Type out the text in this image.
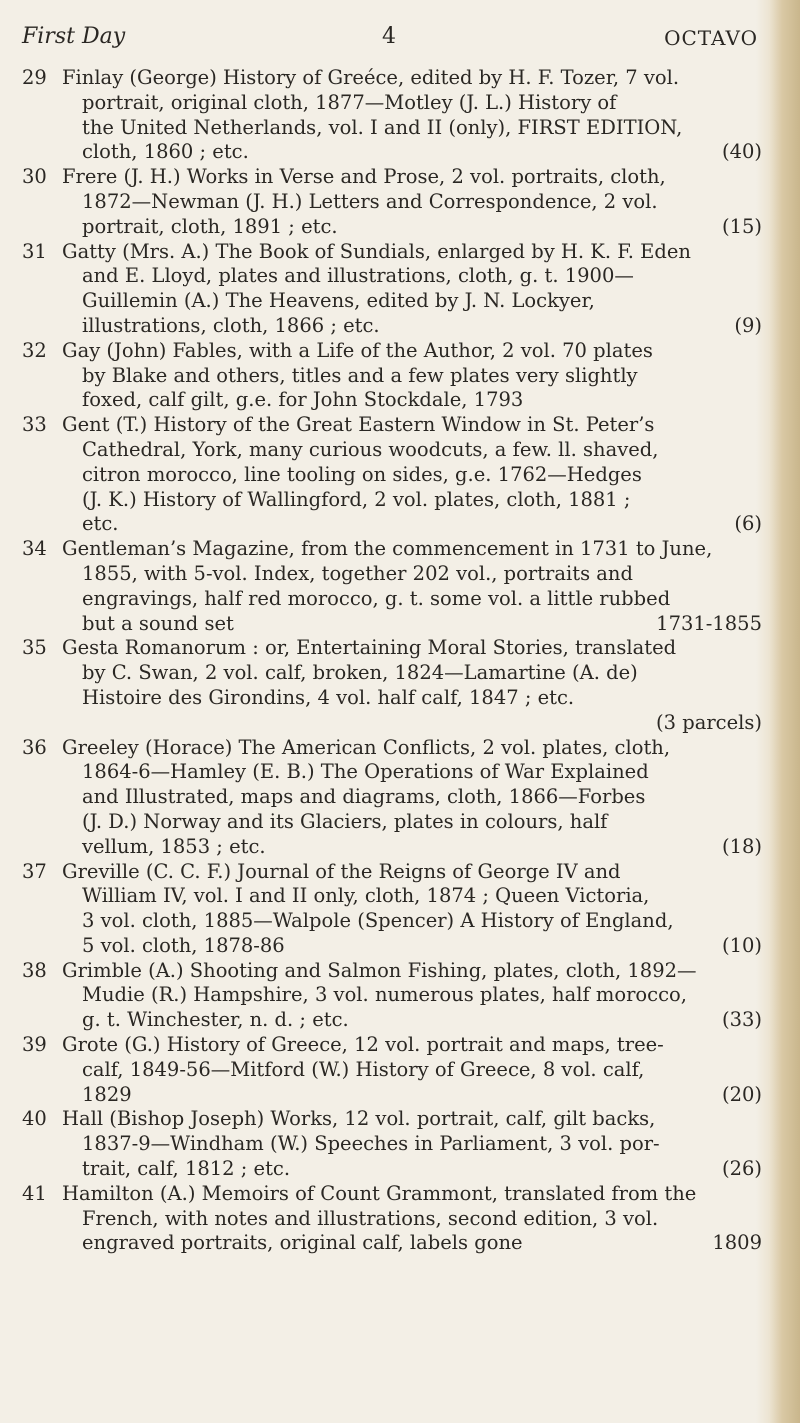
First Day	4	OCTAVO
29 Finlay (George) History of Greéce, edited by H. F. Tozer, 7 vol.
portrait, original cloth, 1877—Motley (J. L.) History of
the United Netherlands, vol. I and II (only), FIRST EDITION,
(40)
cloth, 1860 ; etc.
30 Frere (J. H.) Works in Verse and Prose, 2 vol. portraits, cloth,
1872—Newman (J. H.) Letters and Correspondence, 2 vol.
(15)
portrait, cloth, 1891 ; etc.
31 Gatty (Mrs. A.) The Book of Sundials, enlarged by H. K. F. Eden
and E. Lloyd, plates and illustrations, cloth, g. t. 1900—
Guillemin (A.) The Heavens, edited by J. N. Lockyer,
(9)
illustrations, cloth, 1866 ; etc.
32 Gay (John) Fables, with a Life of the Author, 2 vol. 70 plates
by Blake and others, titles and a few plates very slightly
foxed, calf gilt, g.e. for John Stockdale, 1793
33 Gent (T.) History of the Great Eastern Window in St. Peter’s
Cathedral, York, many curious woodcuts, a few. ll. shaved,
citron morocco, line tooling on sides, g.e. 1762—Hedges
(J. K.) History of Wallingford, 2 vol. plates, cloth, 1881 ;
(6)
etc.
34 Gentleman’s Magazine, from the commencement in 1731 to June,
1855, with 5-vol. Index, together 202 vol., portraits and
engravings, half red morocco, g. t. some vol. a little rubbed
1731-1855
but a sound set
35 Gesta Romanorum : or, Entertaining Moral Stories, translated
by C. Swan, 2 vol. calf, broken, 1824—Lamartine (A. de)
Histoire des Girondins, 4 vol. half calf, 1847 ; etc.
(3 parcels)

36 Greeley (Horace) The American Conflicts, 2 vol. plates, cloth,
1864-6—Hamley (E. B.) The Operations of War Explained
and Illustrated, maps and diagrams, cloth, 1866—Forbes
(J. D.) Norway and its Glaciers, plates in colours, half
(18)
vellum, 1853 ; etc.
37 Greville (C. C. F.) Journal of the Reigns of George IV and
William IV, vol. I and II only, cloth, 1874 ; Queen Victoria,
3 vol. cloth, 1885—Walpole (Spencer) A History of England,
(10)
5 vol. cloth, 1878-86
38 Grimble (A.) Shooting and Salmon Fishing, plates, cloth, 1892—
Mudie (R.) Hampshire, 3 vol. numerous plates, half morocco,
(33)
g. t. Winchester, n. d. ; etc.
39 Grote (G.) History of Greece, 12 vol. portrait and maps, tree-
calf, 1849-56—Mitford (W.) History of Greece, 8 vol. calf,
(20)
1829
40 Hall (Bishop Joseph) Works, 12 vol. portrait, calf, gilt backs,
1837-9—Windham (W.) Speeches in Parliament, 3 vol. por-
(26)
trait, calf, 1812 ; etc.
41 Hamilton (A.) Memoirs of Count Grammont, translated from the
French, with notes and illustrations, second edition, 3 vol.
1809
engraved portraits, original calf, labels gone
